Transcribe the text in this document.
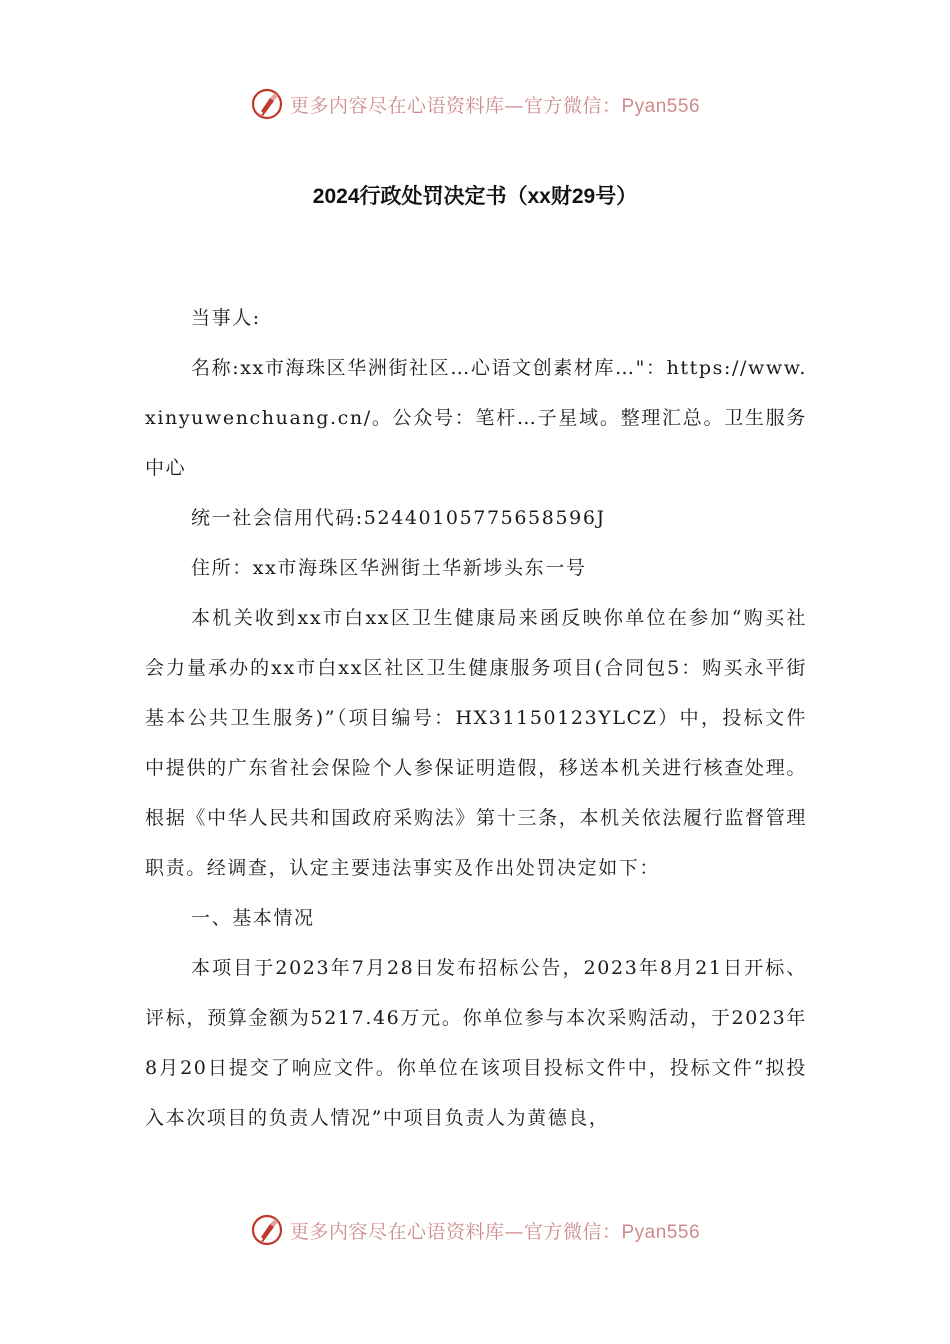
更多内容尽在心语资料库—官方微信：Pyan556
2024行政处罚决定书（xx财29号）

当事人:

名称:xx市海珠区华洲街社区…心语文创素材库…"：https://www.xinyuwenchuang.cn/。公众号：笔杆…子星域。整理汇总。卫生服务中心

统一社会信用代码:52440105775658596J

住所：xx市海珠区华洲街土华新埗头东一号

本机关收到xx市白xx区卫生健康局来函反映你单位在参加“购买社会力量承办的xx市白xx区社区卫生健康服务项目(合同包5：购买永平街基本公共卫生服务)”（项目编号：HX31150123YLCZ）中，投标文件中提供的广东省社会保险个人参保证明造假，移送本机关进行核查处理。根据《中华人民共和国政府采购法》第十三条，本机关依法履行监督管理职责。经调查，认定主要违法事实及作出处罚决定如下：

一、基本情况

本项目于2023年7月28日发布招标公告，2023年8月21日开标、评标，预算金额为5217.46万元。你单位参与本次采购活动，于2023年8月20日提交了响应文件。你单位在该项目投标文件中，投标文件“拟投入本次项目的负责人情况”中项目负责人为黄德良，

更多内容尽在心语资料库—官方微信：Pyan556
